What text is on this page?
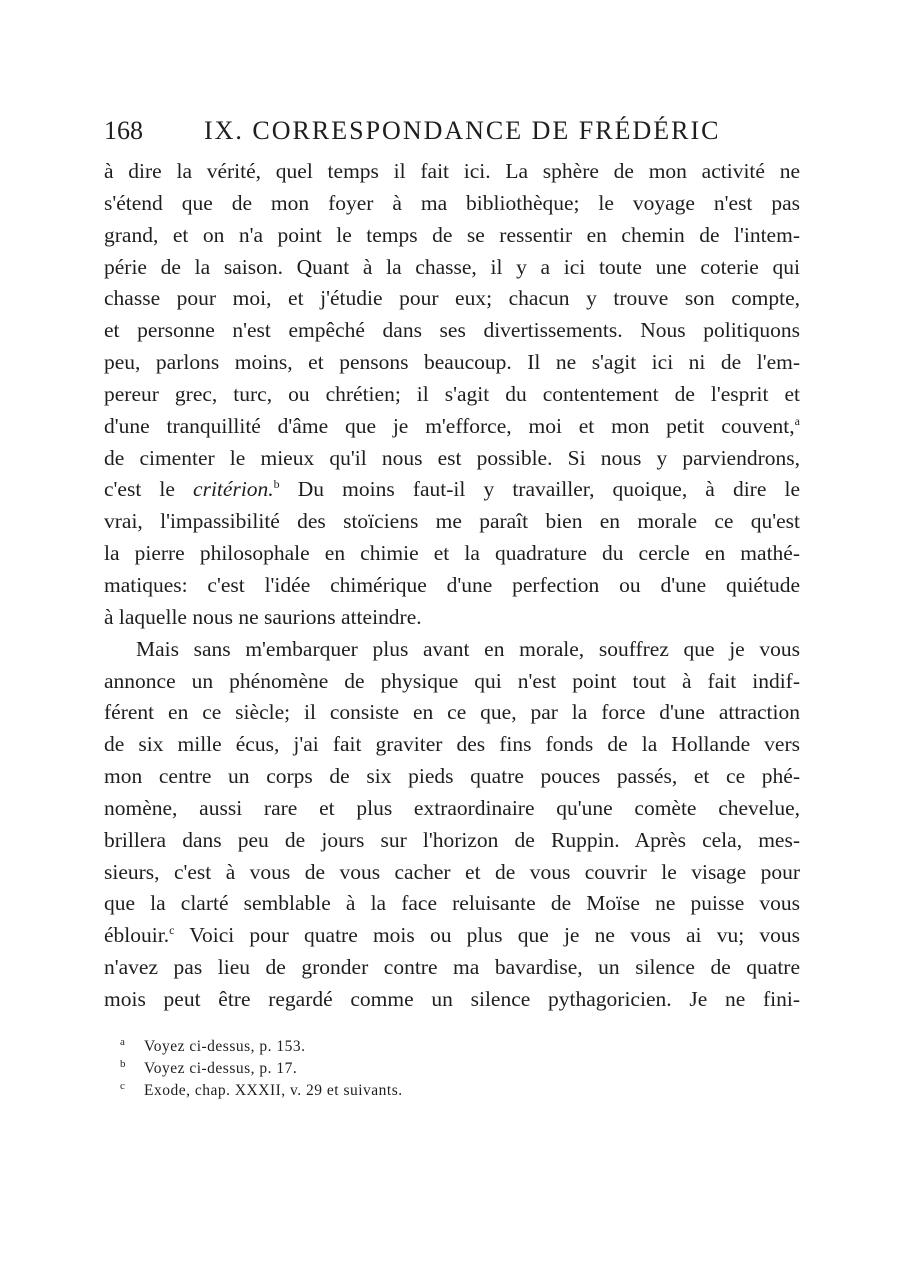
168 IX. CORRESPONDANCE DE FRÉDÉRIC
à dire la vérité, quel temps il fait ici. La sphère de mon activité ne
s'étend que de mon foyer à ma bibliothèque; le voyage n'est pas
grand, et on n'a point le temps de se ressentir en chemin de l'intem-
périe de la saison. Quant à la chasse, il y a ici toute une coterie qui
chasse pour moi, et j'étudie pour eux; chacun y trouve son compte,
et personne n'est empêché dans ses divertissements. Nous politiquons
peu, parlons moins, et pensons beaucoup. Il ne s'agit ici ni de l'em-
pereur grec, turc, ou chrétien; il s'agit du contentement de l'esprit et
d'une tranquillité d'âme que je m'efforce, moi et mon petit couvent,$^a$
de cimenter le mieux qu'il nous est possible. Si nous y parviendrons,
c'est le critérion.$^b$ Du moins faut-il y travailler, quoique, à dire le
vrai, l'impassibilité des stoïciens me paraît bien en morale ce qu'est
la pierre philosophale en chimie et la quadrature du cercle en mathé-
matiques: c'est l'idée chimérique d'une perfection ou d'une quiétude
à laquelle nous ne saurions atteindre.
Mais sans m'embarquer plus avant en morale, souffrez que je vous
annonce un phénomène de physique qui n'est point tout à fait indif-
férent en ce siècle; il consiste en ce que, par la force d'une attraction
de six mille écus, j'ai fait graviter des fins fonds de la Hollande vers
mon centre un corps de six pieds quatre pouces passés, et ce phé-
nomène, aussi rare et plus extraordinaire qu'une comète chevelue,
brillera dans peu de jours sur l'horizon de Ruppin. Après cela, mes-
sieurs, c'est à vous de vous cacher et de vous couvrir le visage pour
que la clarté semblable à la face reluisante de Moïse ne puisse vous
éblouir.$^c$ Voici pour quatre mois ou plus que je ne vous ai vu; vous
n'avez pas lieu de gronder contre ma bavardise, un silence de quatre
mois peut être regardé comme un silence pythagoricien. Je ne fini-
a Voyez ci-dessus, p. 153.
b Voyez ci-dessus, p. 17.
c Exode, chap. XXXII, v. 29 et suivants.
